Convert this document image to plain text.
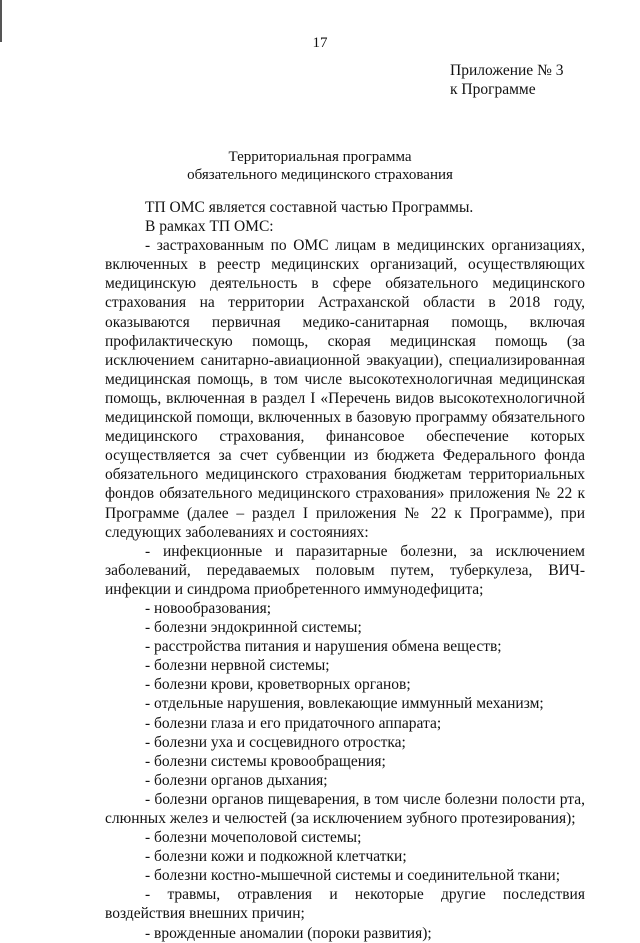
17
Приложение № 3
к Программе
Территориальная программа
обязательного медицинского страхования

ТП ОМС является составной частью Программы.

В рамках ТП ОМС:

- застрахованным по ОМС лицам в медицинских организациях, включенных в реестр медицинских организаций, осуществляющих медицинскую деятельность в сфере обязательного медицинского страхования на территории Астраханской области в 2018 году, оказываются первичная медико-санитарная помощь, включая профилактическую помощь, скорая медицинская помощь (за исключением санитарно-авиационной эвакуации), специализированная медицинская помощь, в том числе высокотехнологичная медицинская помощь, включенная в раздел I «Перечень видов высокотехнологичной медицинской помощи, включенных в базовую программу обязательного медицинского страхования, финансовое обеспечение которых осуществляется за счет субвенции из бюджета Федерального фонда обязательного медицинского страхования бюджетам территориальных фондов обязательного медицинского страхования» приложения № 22 к Программе (далее – раздел I приложения № 22 к Программе), при следующих заболеваниях и состояниях:

- инфекционные и паразитарные болезни, за исключением заболеваний, передаваемых половым путем, туберкулеза, ВИЧ-инфекции и синдрома приобретенного иммунодефицита;

- новообразования;

- болезни эндокринной системы;

- расстройства питания и нарушения обмена веществ;

- болезни нервной системы;

- болезни крови, кроветворных органов;

- отдельные нарушения, вовлекающие иммунный механизм;

- болезни глаза и его придаточного аппарата;

- болезни уха и сосцевидного отростка;

- болезни системы кровообращения;

- болезни органов дыхания;

- болезни органов пищеварения, в том числе болезни полости рта, слюнных желез и челюстей (за исключением зубного протезирования);

- болезни мочеполовой системы;

- болезни кожи и подкожной клетчатки;

- болезни костно-мышечной системы и соединительной ткани;

- травмы, отравления и некоторые другие последствия воздействия внешних причин;

- врожденные аномалии (пороки развития);
